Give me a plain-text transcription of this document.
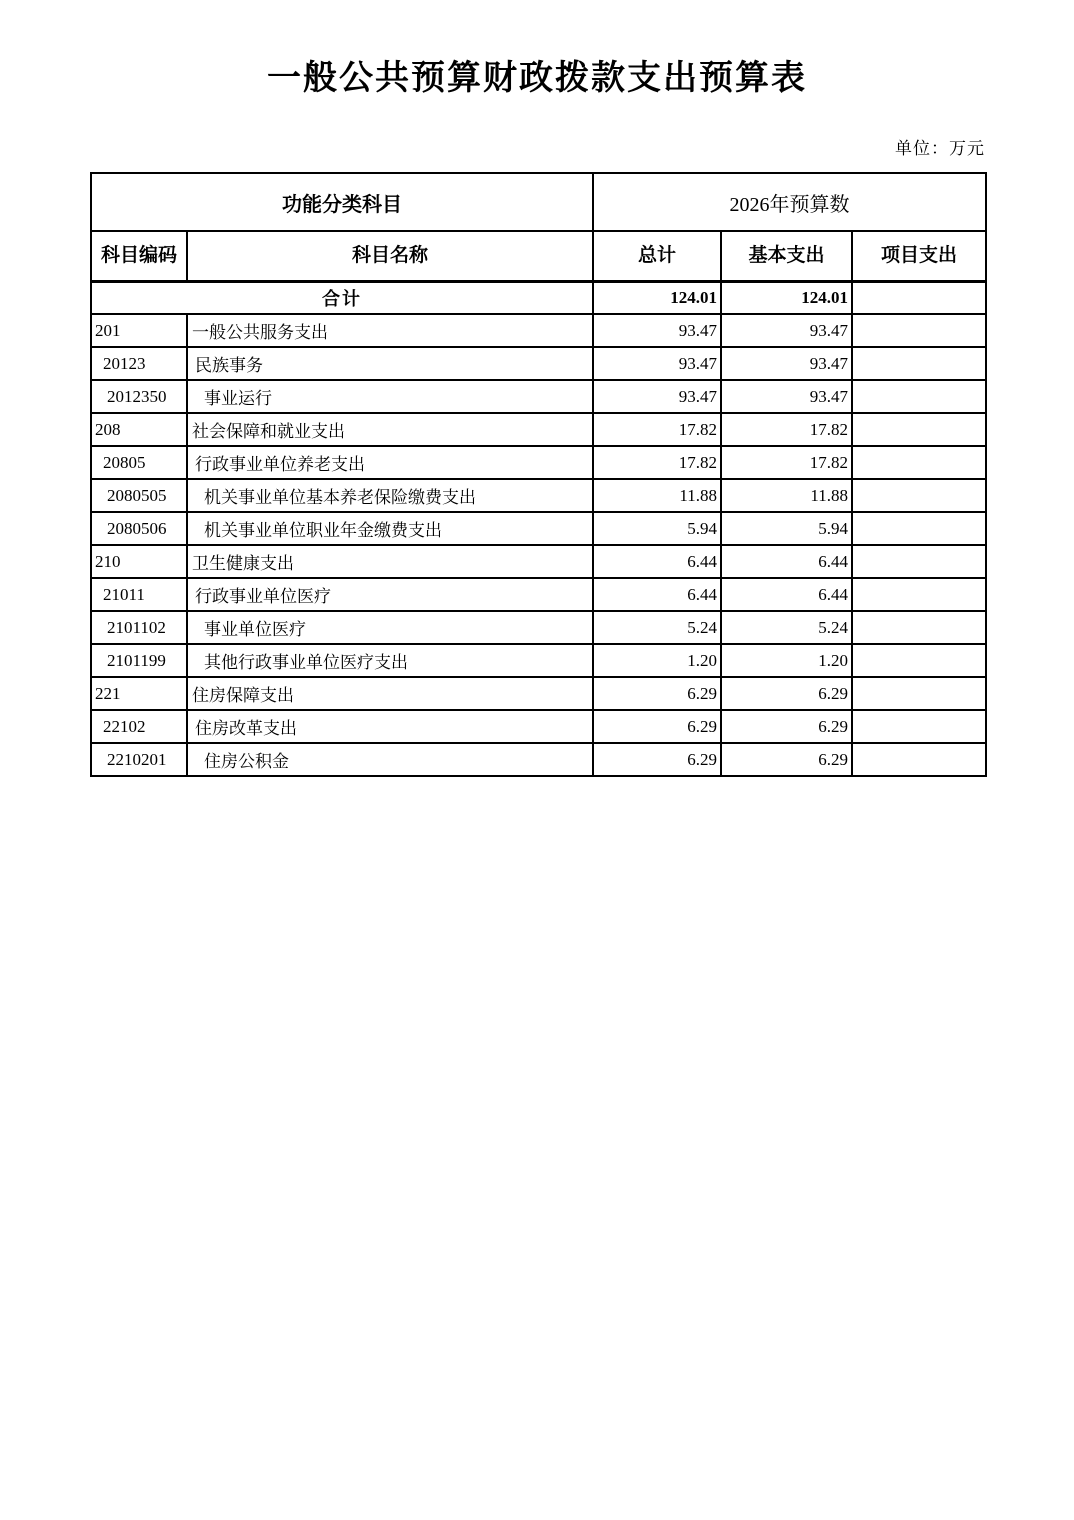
一般公共预算财政拨款支出预算表
单位：万元
功能分类科目		2026年预算数		
科目编码	科目名称	总计	基本支出	项目支出
合计		124.01	124.01	
201	一般公共服务支出	93.47	93.47	
20123	民族事务	93.47	93.47	
2012350	事业运行	93.47	93.47	
208	社会保障和就业支出	17.82	17.82	
20805	行政事业单位养老支出	17.82	17.82	
2080505	机关事业单位基本养老保险缴费支出	11.88	11.88	
2080506	机关事业单位职业年金缴费支出	5.94	5.94	
210	卫生健康支出	6.44	6.44	
21011	行政事业单位医疗	6.44	6.44	
2101102	事业单位医疗	5.24	5.24	
2101199	其他行政事业单位医疗支出	1.20	1.20	
221	住房保障支出	6.29	6.29	
22102	住房改革支出	6.29	6.29	
2210201	住房公积金	6.29	6.29	
